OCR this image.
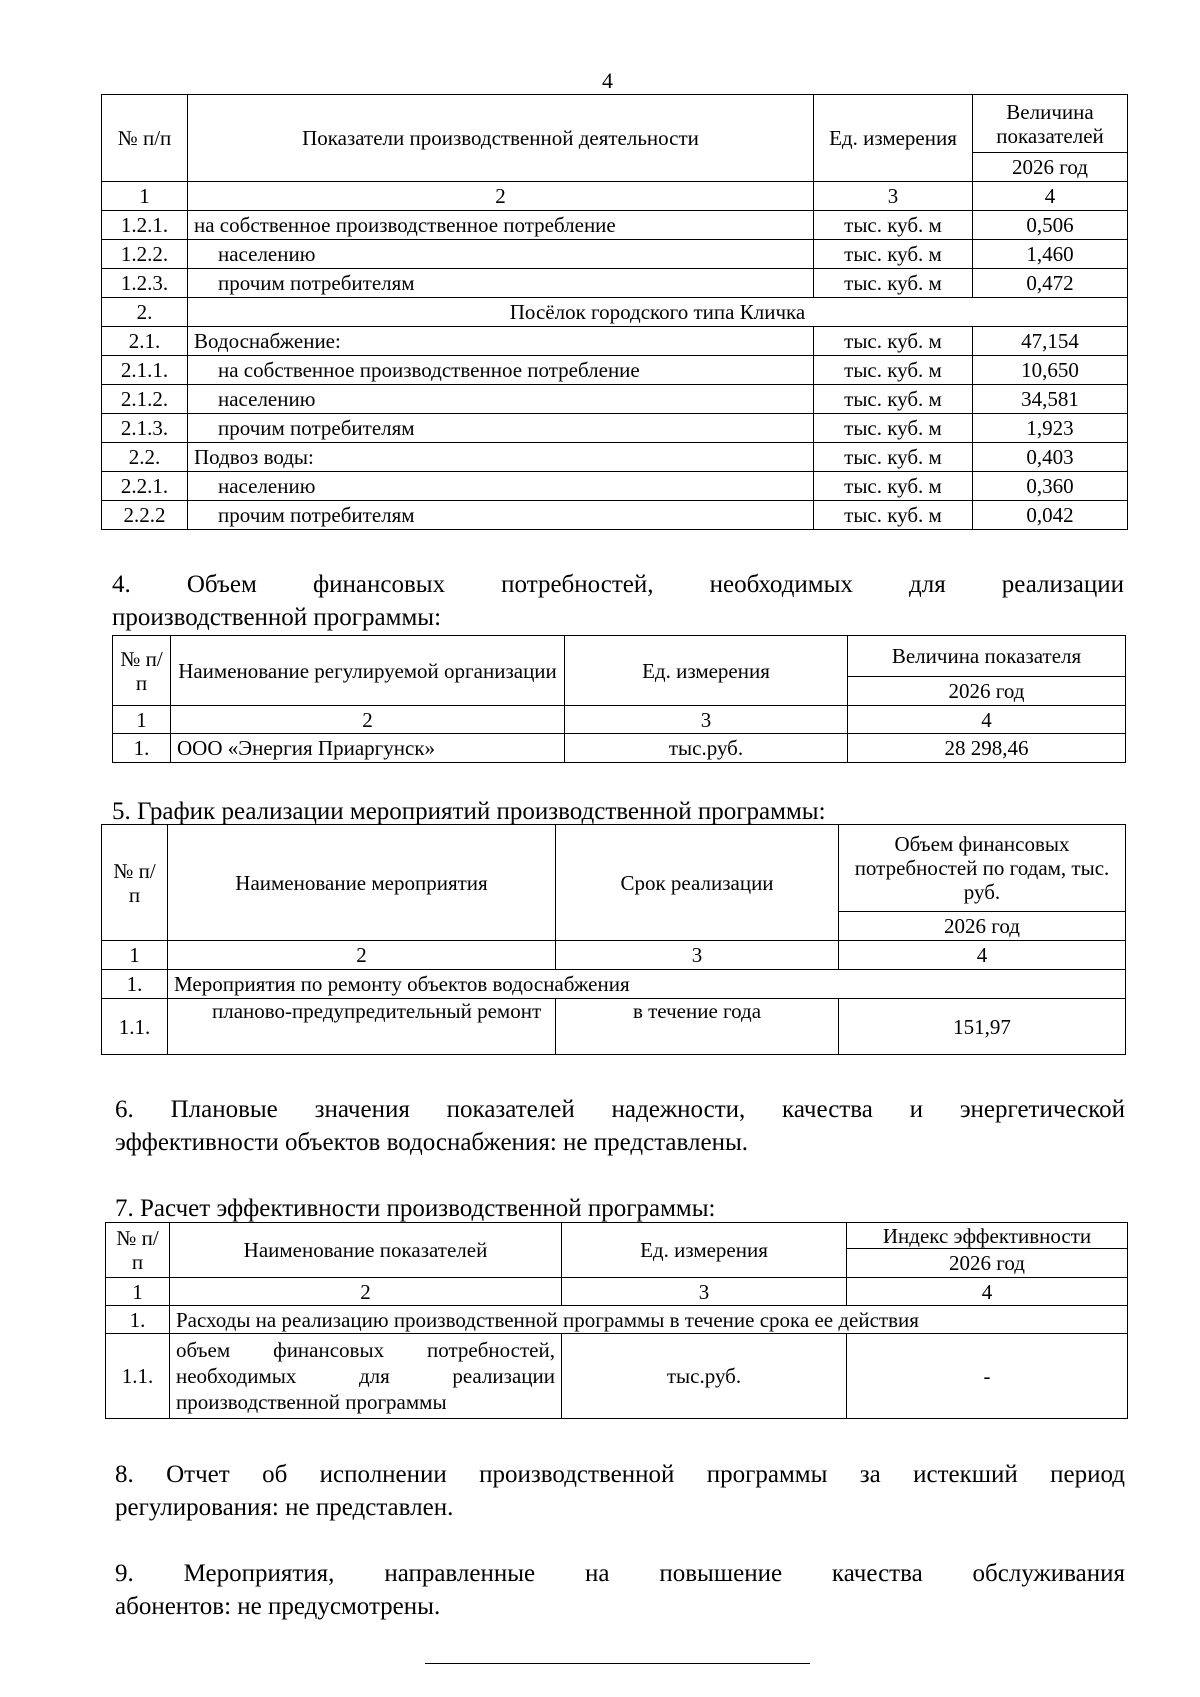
4
№ п/п	Показатели производственной деятельности	Ед. измерения	Величина показателей
			2026 год
1	2	3	4
1.2.1.	на собственное производственное потребление	тыс. куб. м	0,506
1.2.2.	населению	тыс. куб. м	1,460
1.2.3.	прочим потребителям	тыс. куб. м	0,472
2.	Посёлок городского типа Кличка		
2.1.	Водоснабжение:	тыс. куб. м	47,154
2.1.1.	на собственное производственное потребление	тыс. куб. м	10,650
2.1.2.	населению	тыс. куб. м	34,581
2.1.3.	прочим потребителям	тыс. куб. м	1,923
2.2.	Подвоз воды:	тыс. куб. м	0,403
2.2.1.	населению	тыс. куб. м	0,360
2.2.2	прочим потребителям	тыс. куб. м	0,042
4. Объем финансовых потребностей, необходимых для реализации
производственной программы:
№ п/п	Наименование регулируемой организации	Ед. измерения	Величина показателя
			2026 год
1	2	3	4
1.	ООО «Энергия Приаргунск»	тыс.руб.	28 298,46
5. График реализации мероприятий производственной программы:
№ п/п	Наименование мероприятия	Срок реализации	Объем финансовых потребностей по годам, тыс. руб.
			2026 год
1	2	3	4
1.	Мероприятия по ремонту объектов водоснабжения		
1.1.	планово-предупредительный ремонт	в течение года	151,97
6. Плановые значения показателей надежности, качества и энергетической
эффективности объектов водоснабжения: не представлены.
7. Расчет эффективности производственной программы:
№ п/п	Наименование показателей	Ед. измерения	Индекс эффективности
			2026 год
1	2	3	4
1.	Расходы на реализацию производственной программы в течение срока ее действия		
1.1.	объем финансовых потребностей,
необходимых для реализации
производственной программы	тыс.руб.	-
8. Отчет об исполнении производственной программы за истекший период
регулирования: не представлен.
9. Мероприятия, направленные на повышение качества обслуживания
абонентов: не предусмотрены.
